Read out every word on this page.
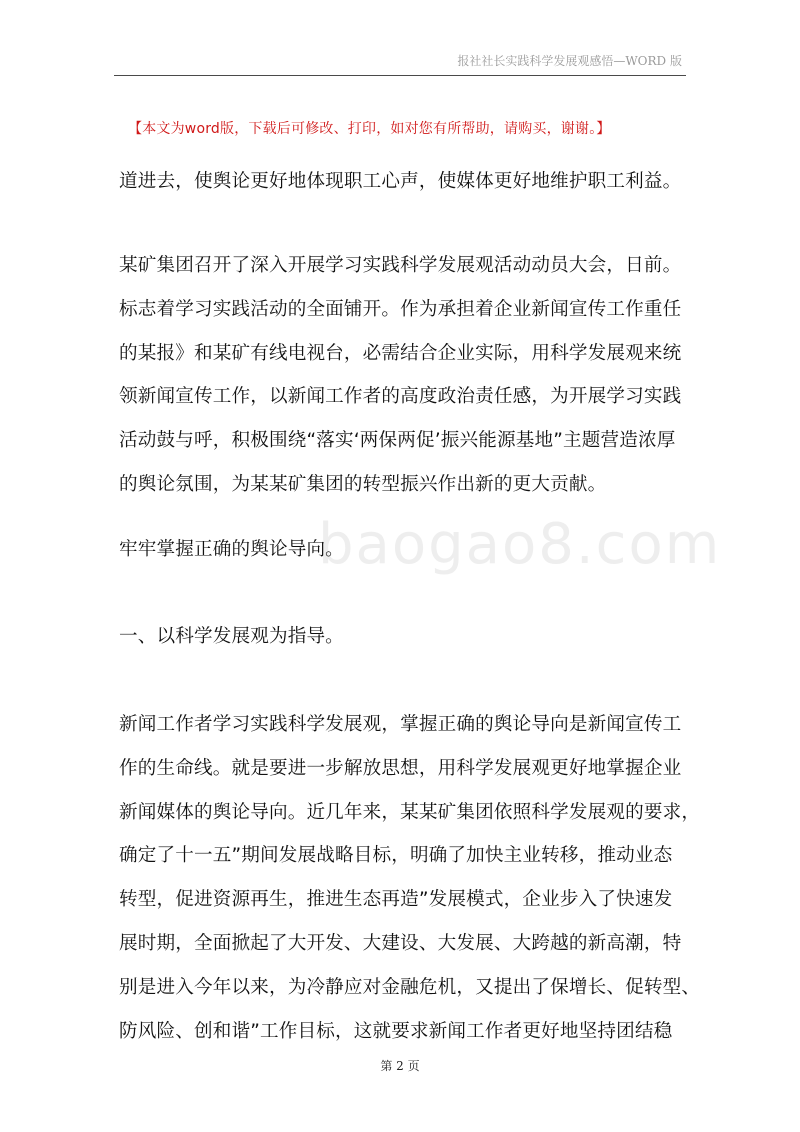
报社社长实践科学发展观感悟—WORD 版
【本文为word版，下载后可修改、打印，如对您有所帮助，请购买，谢谢。】
baogao8.com

道进去，使舆论更好地体现职工心声，使媒体更好地维护职工利益。

某矿集团召开了深入开展学习实践科学发展观活动动员大会，日前。
标志着学习实践活动的全面铺开。作为承担着企业新闻宣传工作重任
的某报》和某矿有线电视台，必需结合企业实际，用科学发展观来统
领新闻宣传工作，以新闻工作者的高度政治责任感，为开展学习实践
活动鼓与呼，积极围绕“落实‘两保两促’振兴能源基地”主题营造浓厚
的舆论氛围，为某某矿集团的转型振兴作出新的更大贡献。

牢牢掌握正确的舆论导向。

一、以科学发展观为指导。

新闻工作者学习实践科学发展观，掌握正确的舆论导向是新闻宣传工
作的生命线。就是要进一步解放思想，用科学发展观更好地掌握企业
新闻媒体的舆论导向。近几年来，某某矿集团依照科学发展观的要求，
确定了十一五”期间发展战略目标，明确了加快主业转移，推动业态
转型，促进资源再生，推进生态再造”发展模式，企业步入了快速发
展时期，全面掀起了大开发、大建设、大发展、大跨越的新高潮，特
别是进入今年以来，为冷静应对金融危机，又提出了保增长、促转型、
防风险、创和谐”工作目标，这就要求新闻工作者更好地坚持团结稳

第 2 页
